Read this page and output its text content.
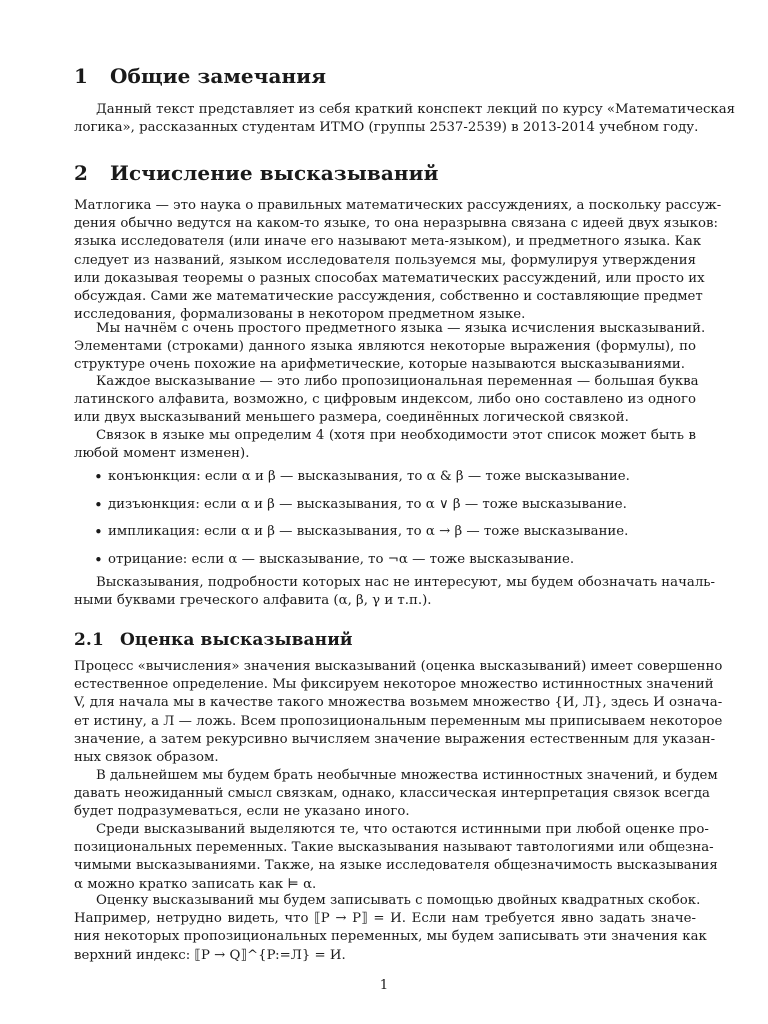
1 Общие замечания
Данный текст представляет из себя краткий конспект лекций по курсу «Математическая
логика», рассказанных студентам ИТМО (группы 2537-2539) в 2013-2014 учебном году.
2 Исчисление высказываний
Матлогика — это наука о правильных математических рассуждениях, а поскольку рассуж-
дения обычно ведутся на каком-то языке, то она неразрывна связана с идеей двух языков:
языка исследователя (или иначе его называют мета-языком), и предметного языка. Как
следует из названий, языком исследователя пользуемся мы, формулируя утверждения
или доказывая теоремы о разных способах математических рассуждений, или просто их
обсуждая. Сами же математические рассуждения, собственно и составляющие предмет
исследования, формализованы в некотором предметном языке.
Мы начнём с очень простого предметного языка — языка исчисления высказываний.
Элементами (строками) данного языка являются некоторые выражения (формулы), по
структуре очень похожие на арифметические, которые называются высказываниями.
Каждое высказывание — это либо пропозициональная переменная — большая буква
латинского алфавита, возможно, с цифровым индексом, либо оно составлено из одного
или двух высказываний меньшего размера, соединённых логической связкой.
Связок в языке мы определим 4 (хотя при необходимости этот список может быть в
любой момент изменен).
• конъюнкция: если α и β — высказывания, то α & β — тоже высказывание.
• дизъюнкция: если α и β — высказывания, то α ∨ β — тоже высказывание.
• импликация: если α и β — высказывания, то α → β — тоже высказывание.
• отрицание: если α — высказывание, то ¬α — тоже высказывание.
Высказывания, подробности которых нас не интересуют, мы будем обозначать началь-
ными буквами греческого алфавита (α, β, γ и т.п.).
2.1 Оценка высказываний
Процесс «вычисления» значения высказываний (оценка высказываний) имеет совершенно
естественное определение. Мы фиксируем некоторое множество истинностных значений
V, для начала мы в качестве такого множества возьмем множество {И, Л}, здесь И означа-
ет истину, а Л — ложь. Всем пропозициональным переменным мы приписываем некоторое
значение, а затем рекурсивно вычисляем значение выражения естественным для указан-
ных связок образом.
В дальнейшем мы будем брать необычные множества истинностных значений, и будем
давать неожиданный смысл связкам, однако, классическая интерпретация связок всегда
будет подразумеваться, если не указано иного.
Среди высказываний выделяются те, что остаются истинными при любой оценке про-
позициональных переменных. Такие высказывания называют тавтологиями или общезна-
чимыми высказываниями. Также, на языке исследователя общезначимость высказывания
α можно кратко записать как ⊨ α.
Оценку высказываний мы будем записывать с помощью двойных квадратных скобок.
Например, нетрудно видеть, что ⟦P → P⟧ = И. Если нам требуется явно задать значе-
ния некоторых пропозициональных переменных, мы будем записывать эти значения как
верхний индекс: ⟦P → Q⟧^{P:=Л} = И.
1
